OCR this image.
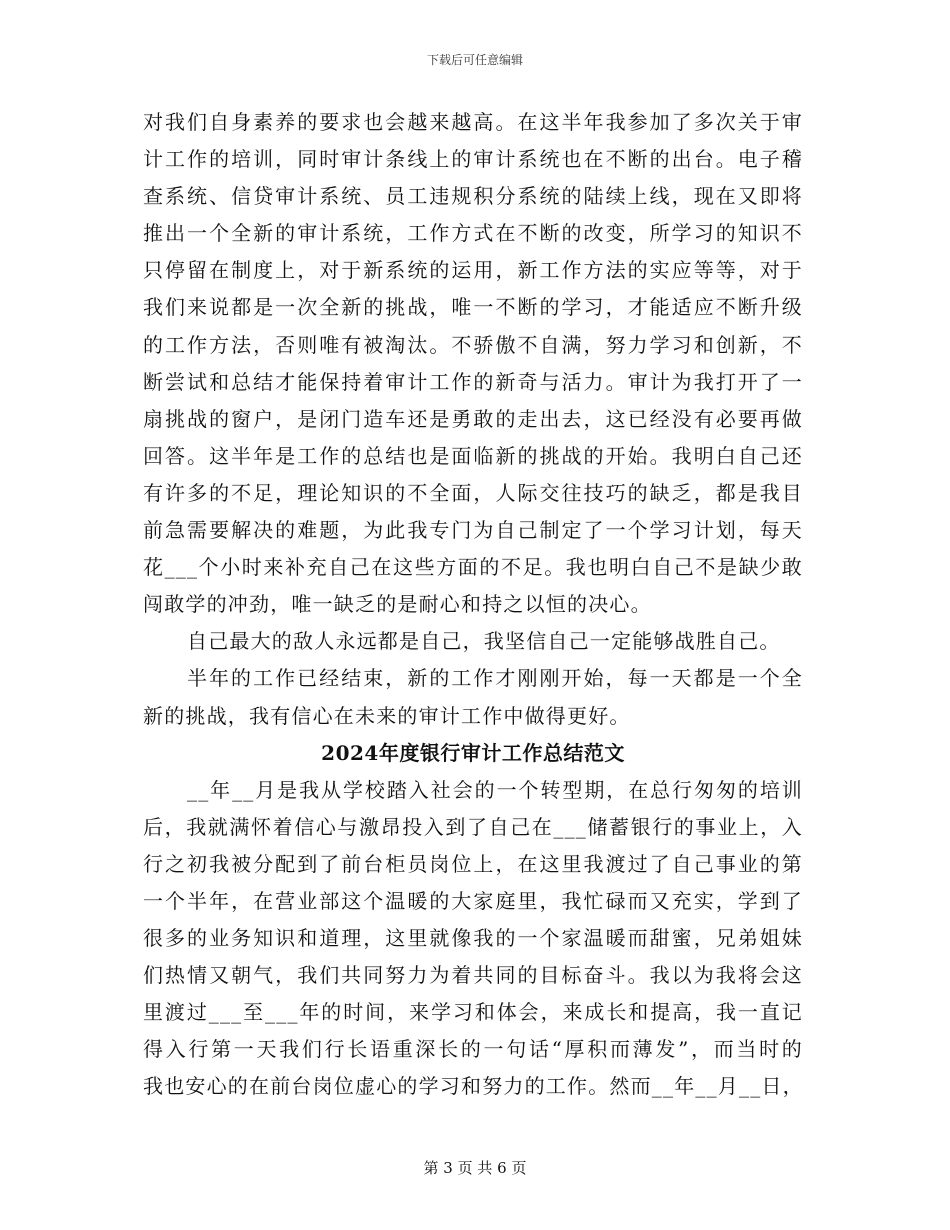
下载后可任意编辑
对我们自身素养的要求也会越来越高。在这半年我参加了多次关于审
计工作的培训，同时审计条线上的审计系统也在不断的出台。电子稽
查系统、信贷审计系统、员工违规积分系统的陆续上线，现在又即将
推出一个全新的审计系统，工作方式在不断的改变，所学习的知识不
只停留在制度上，对于新系统的运用，新工作方法的实应等等，对于
我们来说都是一次全新的挑战，唯一不断的学习，才能适应不断升级
的工作方法，否则唯有被淘汰。不骄傲不自满，努力学习和创新，不
断尝试和总结才能保持着审计工作的新奇与活力。审计为我打开了一
扇挑战的窗户，是闭门造车还是勇敢的走出去，这已经没有必要再做
回答。这半年是工作的总结也是面临新的挑战的开始。我明白自己还
有许多的不足，理论知识的不全面，人际交往技巧的缺乏，都是我目
前急需要解决的难题，为此我专门为自己制定了一个学习计划，每天
花___个小时来补充自己在这些方面的不足。我也明白自己不是缺少敢
闯敢学的冲劲，唯一缺乏的是耐心和持之以恒的决心。
自己最大的敌人永远都是自己，我坚信自己一定能够战胜自己。
半年的工作已经结束，新的工作才刚刚开始，每一天都是一个全
新的挑战，我有信心在未来的审计工作中做得更好。
2024年度银行审计工作总结范文
__年__月是我从学校踏入社会的一个转型期，在总行匆匆的培训
后，我就满怀着信心与激昂投入到了自己在___储蓄银行的事业上，入
行之初我被分配到了前台柜员岗位上，在这里我渡过了自己事业的第
一个半年，在营业部这个温暖的大家庭里，我忙碌而又充实，学到了
很多的业务知识和道理，这里就像我的一个家温暖而甜蜜，兄弟姐妹
们热情又朝气，我们共同努力为着共同的目标奋斗。我以为我将会这
里渡过___至___年的时间，来学习和体会，来成长和提高，我一直记
得入行第一天我们行长语重深长的一句话“厚积而薄发”，而当时的
我也安心的在前台岗位虚心的学习和努力的工作。然而__年__月__日，
第 3 页 共 6 页
